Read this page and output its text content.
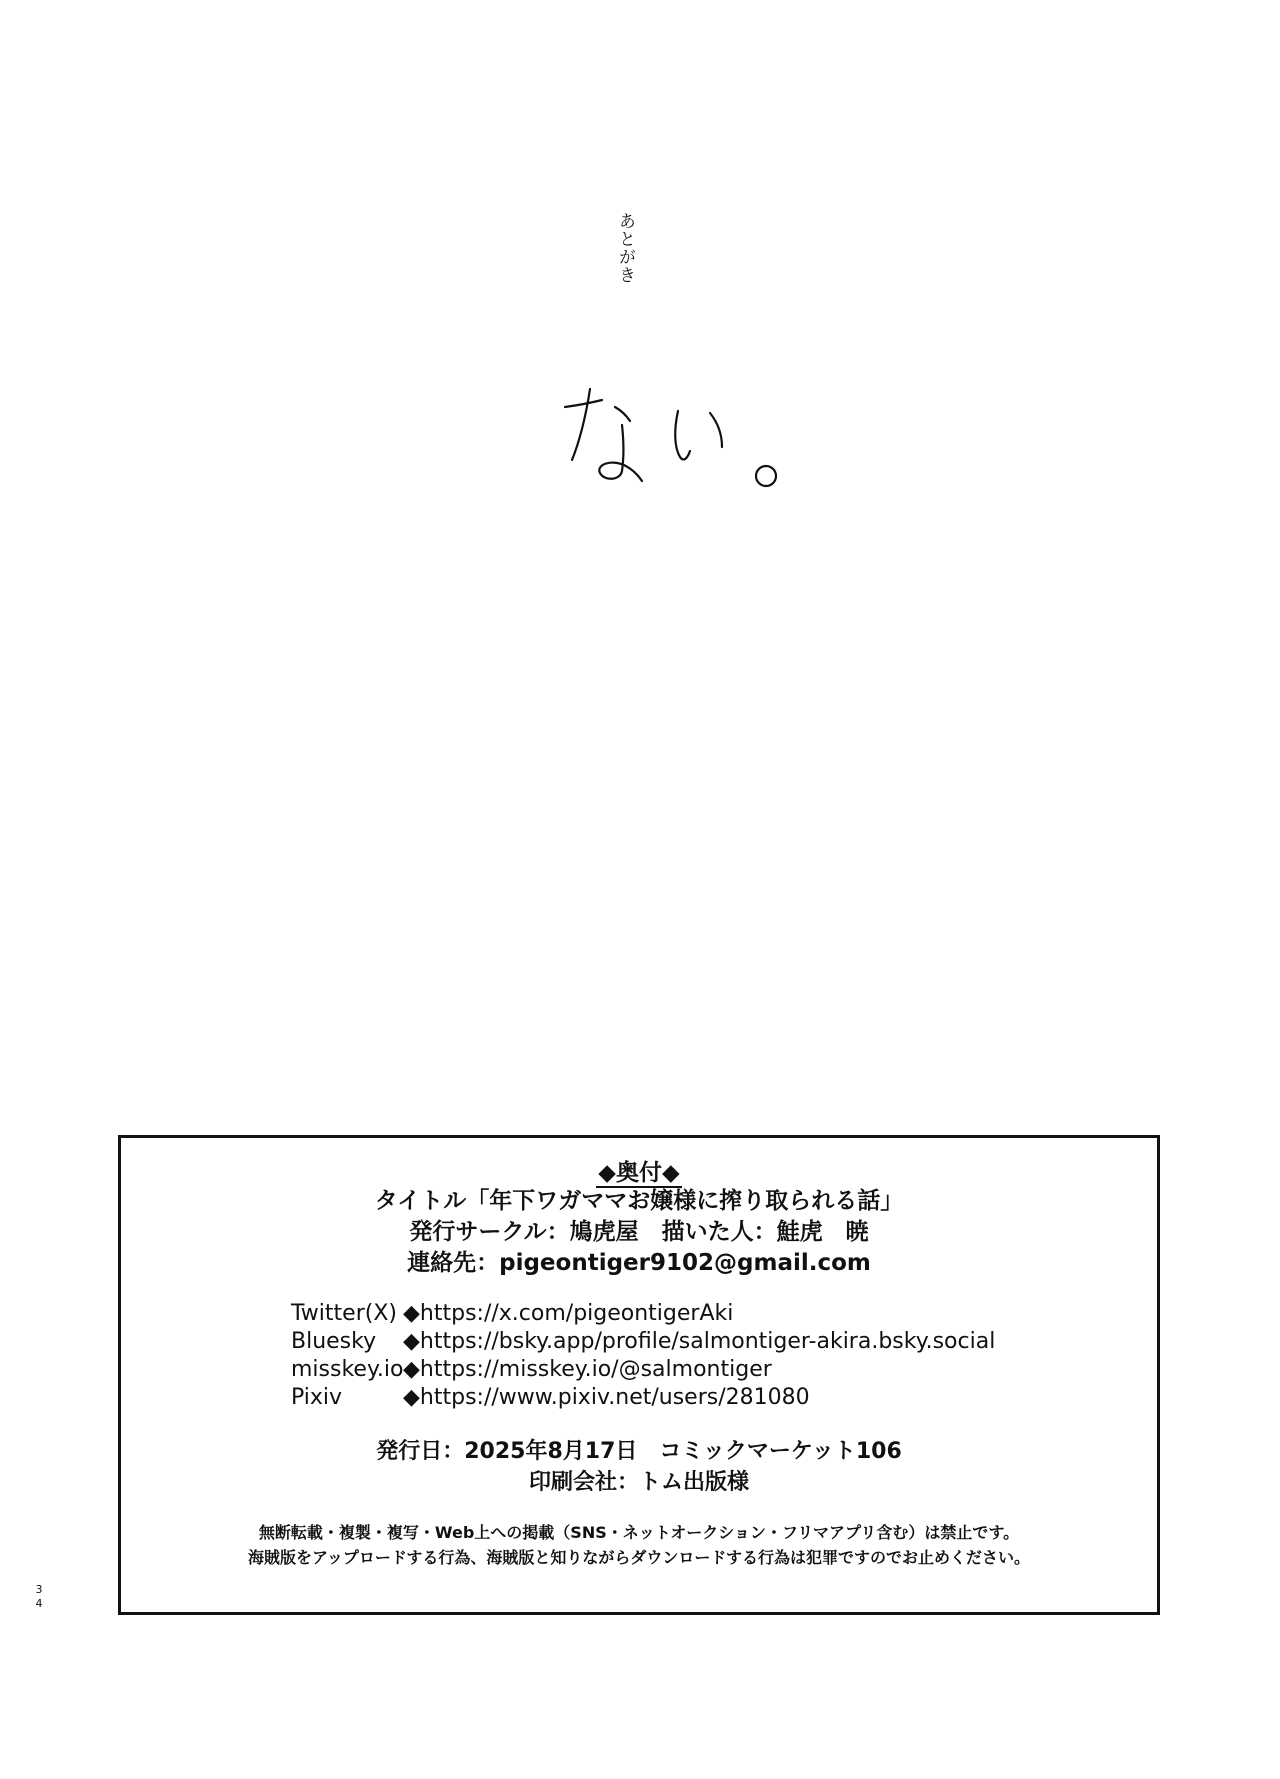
あとがき
◆奥付◆
タイトル「年下ワガママお嬢様に搾り取られる話」
発行サークル：鳩虎屋　描いた人：鮭虎　暁
連絡先：pigeontiger9102@gmail.com
Twitter(X) ◆https://x.com/pigeontigerAki
Bluesky ◆https://bsky.app/profile/salmontiger-akira.bsky.social
misskey.io◆https://misskey.io/@salmontiger
Pixiv	◆https://www.pixiv.net/users/281080
発行日：2025年8月17日　コミックマーケット106
印刷会社：トム出版様
無断転載・複製・複写・Web上への掲載（SNS・ネットオークション・フリマアプリ含む）は禁止です。
海賊版をアップロードする行為、海賊版と知りながらダウンロードする行為は犯罪ですのでお止めください。
3
4
